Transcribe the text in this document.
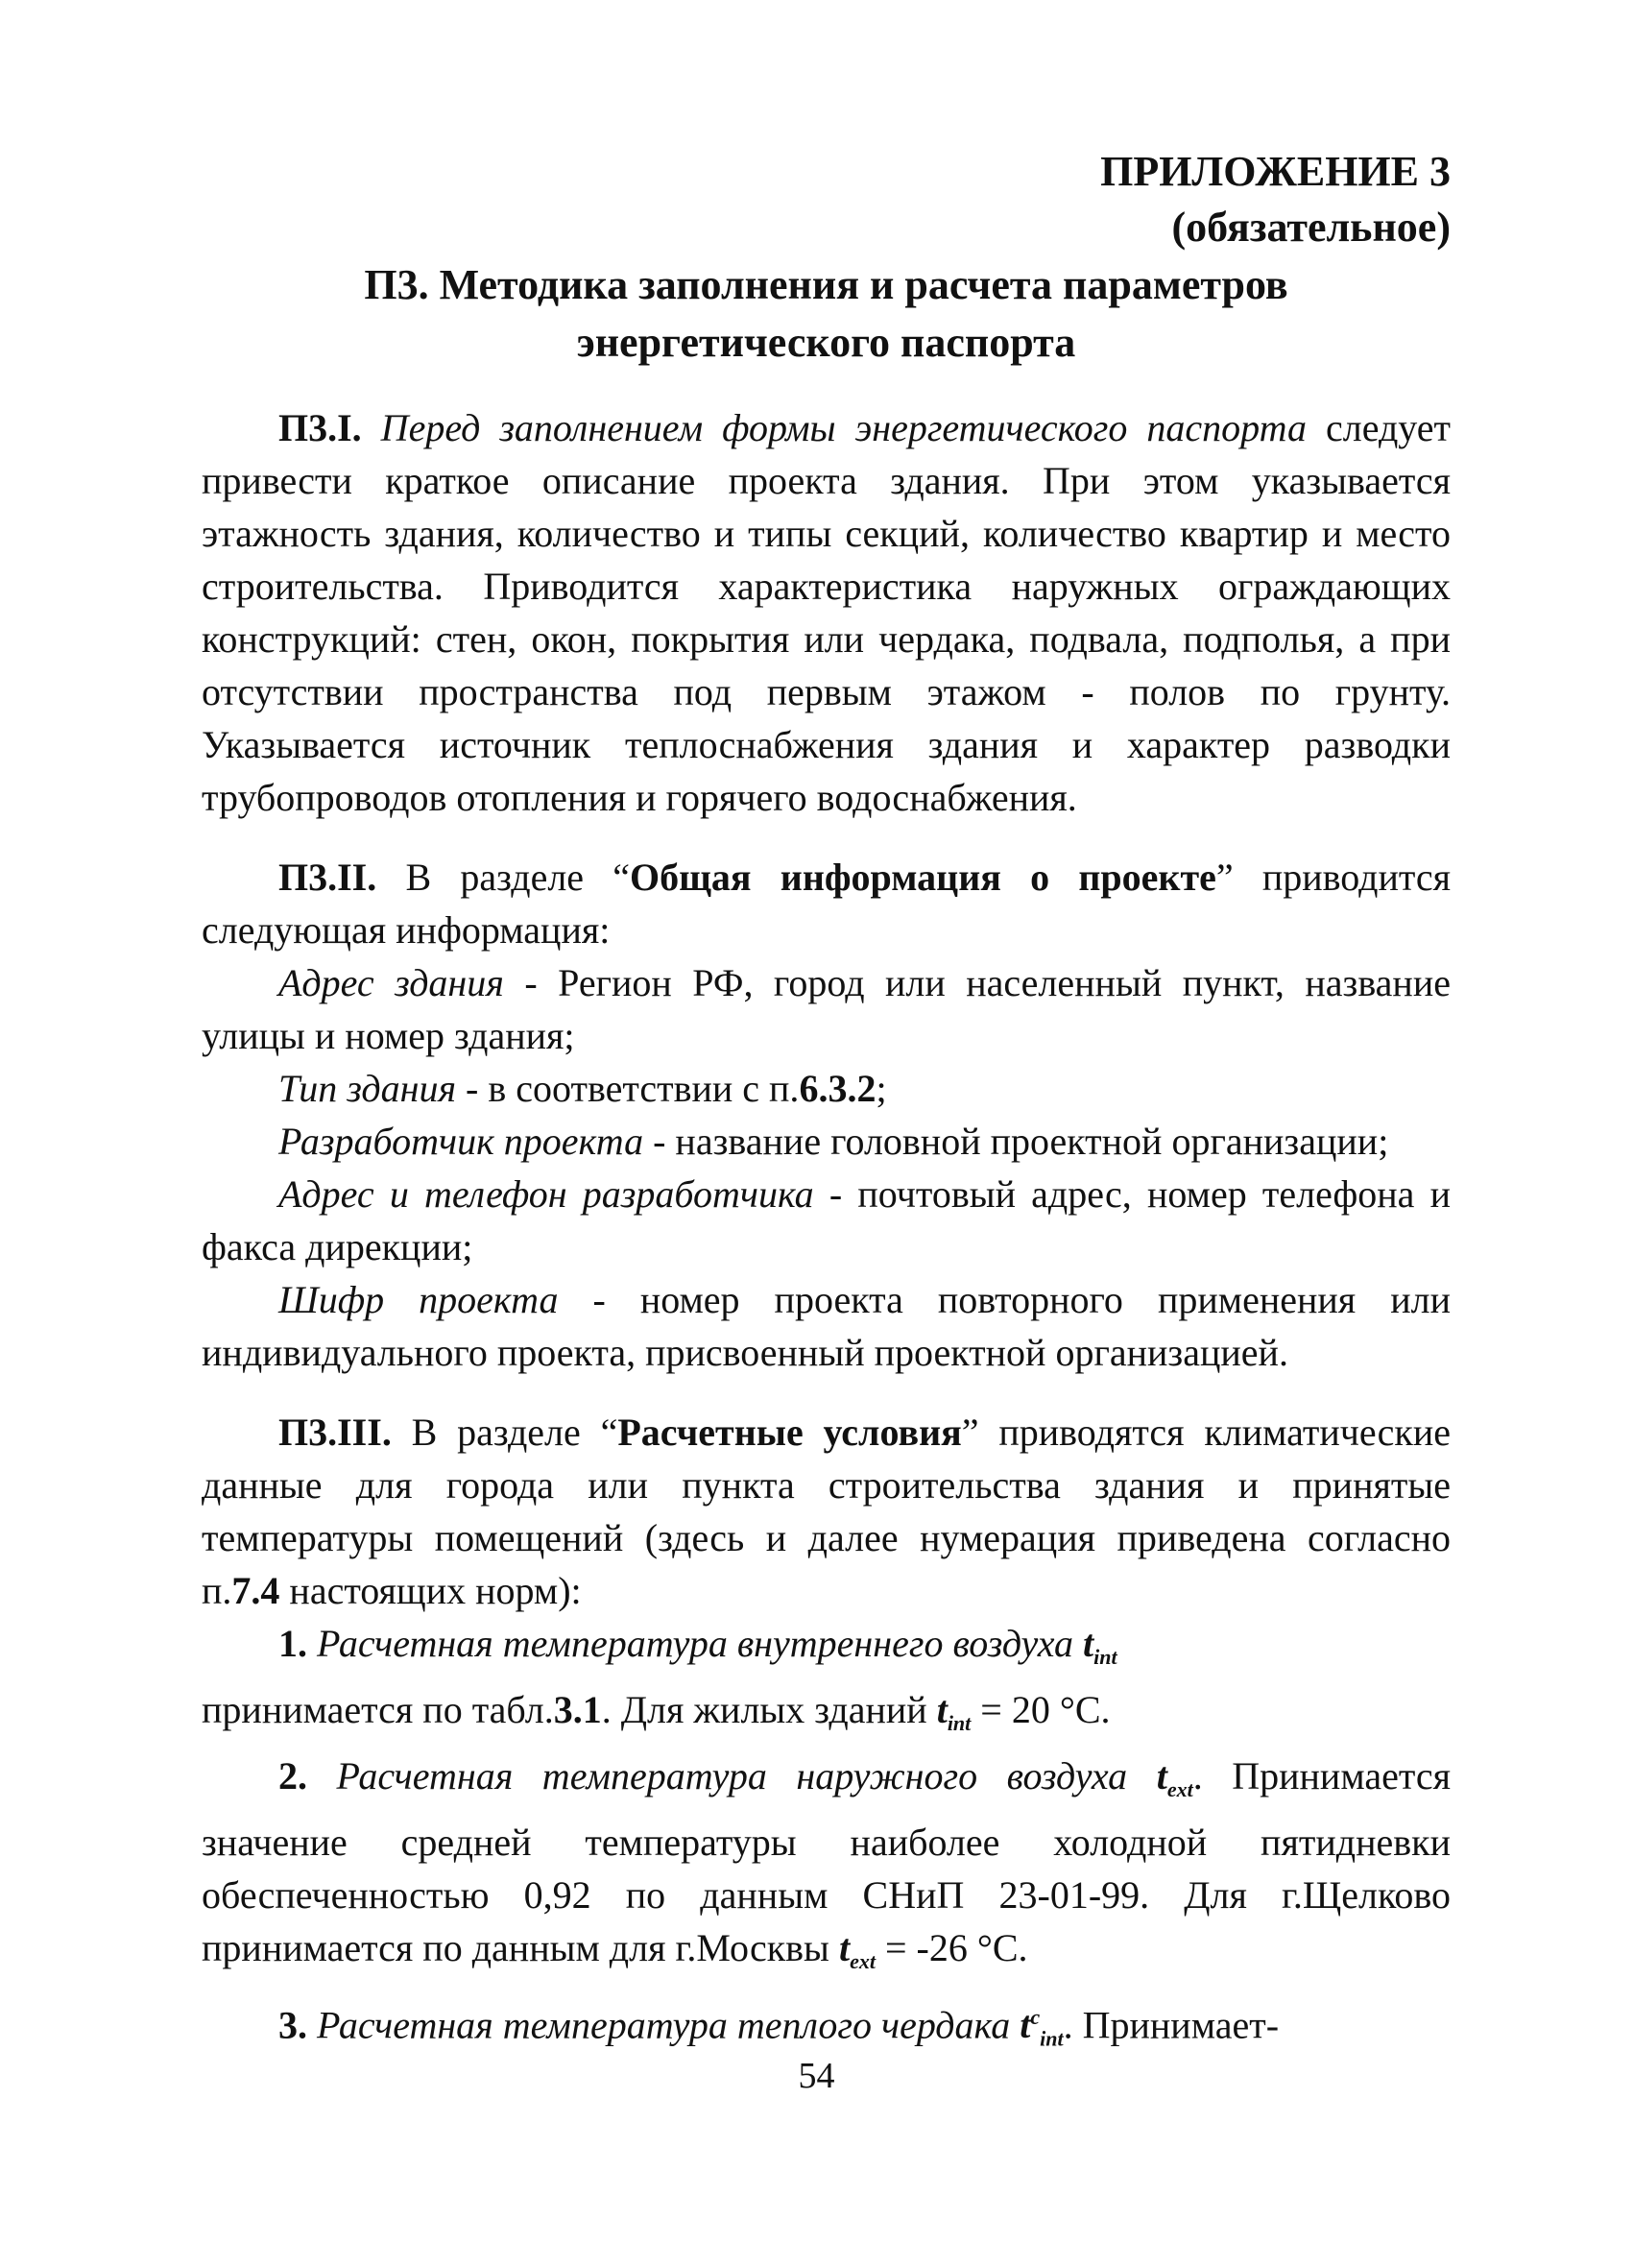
ПРИЛОЖЕНИЕ 3
(обязательное)
П3. Методика заполнения и расчета параметров
энергетического паспорта

П3.I. Перед заполнением формы энергетического паспорта следует привести краткое описание проекта здания. При этом указывается этажность здания, количество и типы секций, количество квартир и место строительства. Приводится характеристика наружных ограждающих конструкций: стен, окон, покрытия или чердака, подвала, подполья, а при отсутствии пространства под первым этажом - полов по грунту. Указывается источник теплоснабжения здания и характер разводки трубопроводов отопления и горячего водоснабжения.

П3.II. В разделе “Общая информация о проекте” приводится следующая информация:

Адрес здания - Регион РФ, город или населенный пункт, название улицы и номер здания;

Тип здания - в соответствии с п.6.3.2;

Разработчик проекта - название головной проектной организации;

Адрес и телефон разработчика - почтовый адрес, номер телефона и факса дирекции;

Шифр проекта - номер проекта повторного применения или индивидуального проекта, присвоенный проектной организацией.

П3.III. В разделе “Расчетные условия” приводятся климатические данные для города или пункта строительства здания и принятые температуры помещений (здесь и далее нумерация приведена согласно п.7.4 настоящих норм):

1. Расчетная температура внутреннего воздуха $t_{int}$

принимается по табл.3.1. Для жилых зданий $t_{int} = 20$ °С.

2. Расчетная температура наружного воздуха $t_{ext}$. Принимается значение средней температуры наиболее холодной пятидневки обеспеченностью 0,92 по данным СНиП 23-01-99. Для г.Щелково принимается по данным для г.Москвы $t_{ext} = -26$ °С.

3. Расчетная температура теплого чердака $t^с_{int}$. Принимает-

54
